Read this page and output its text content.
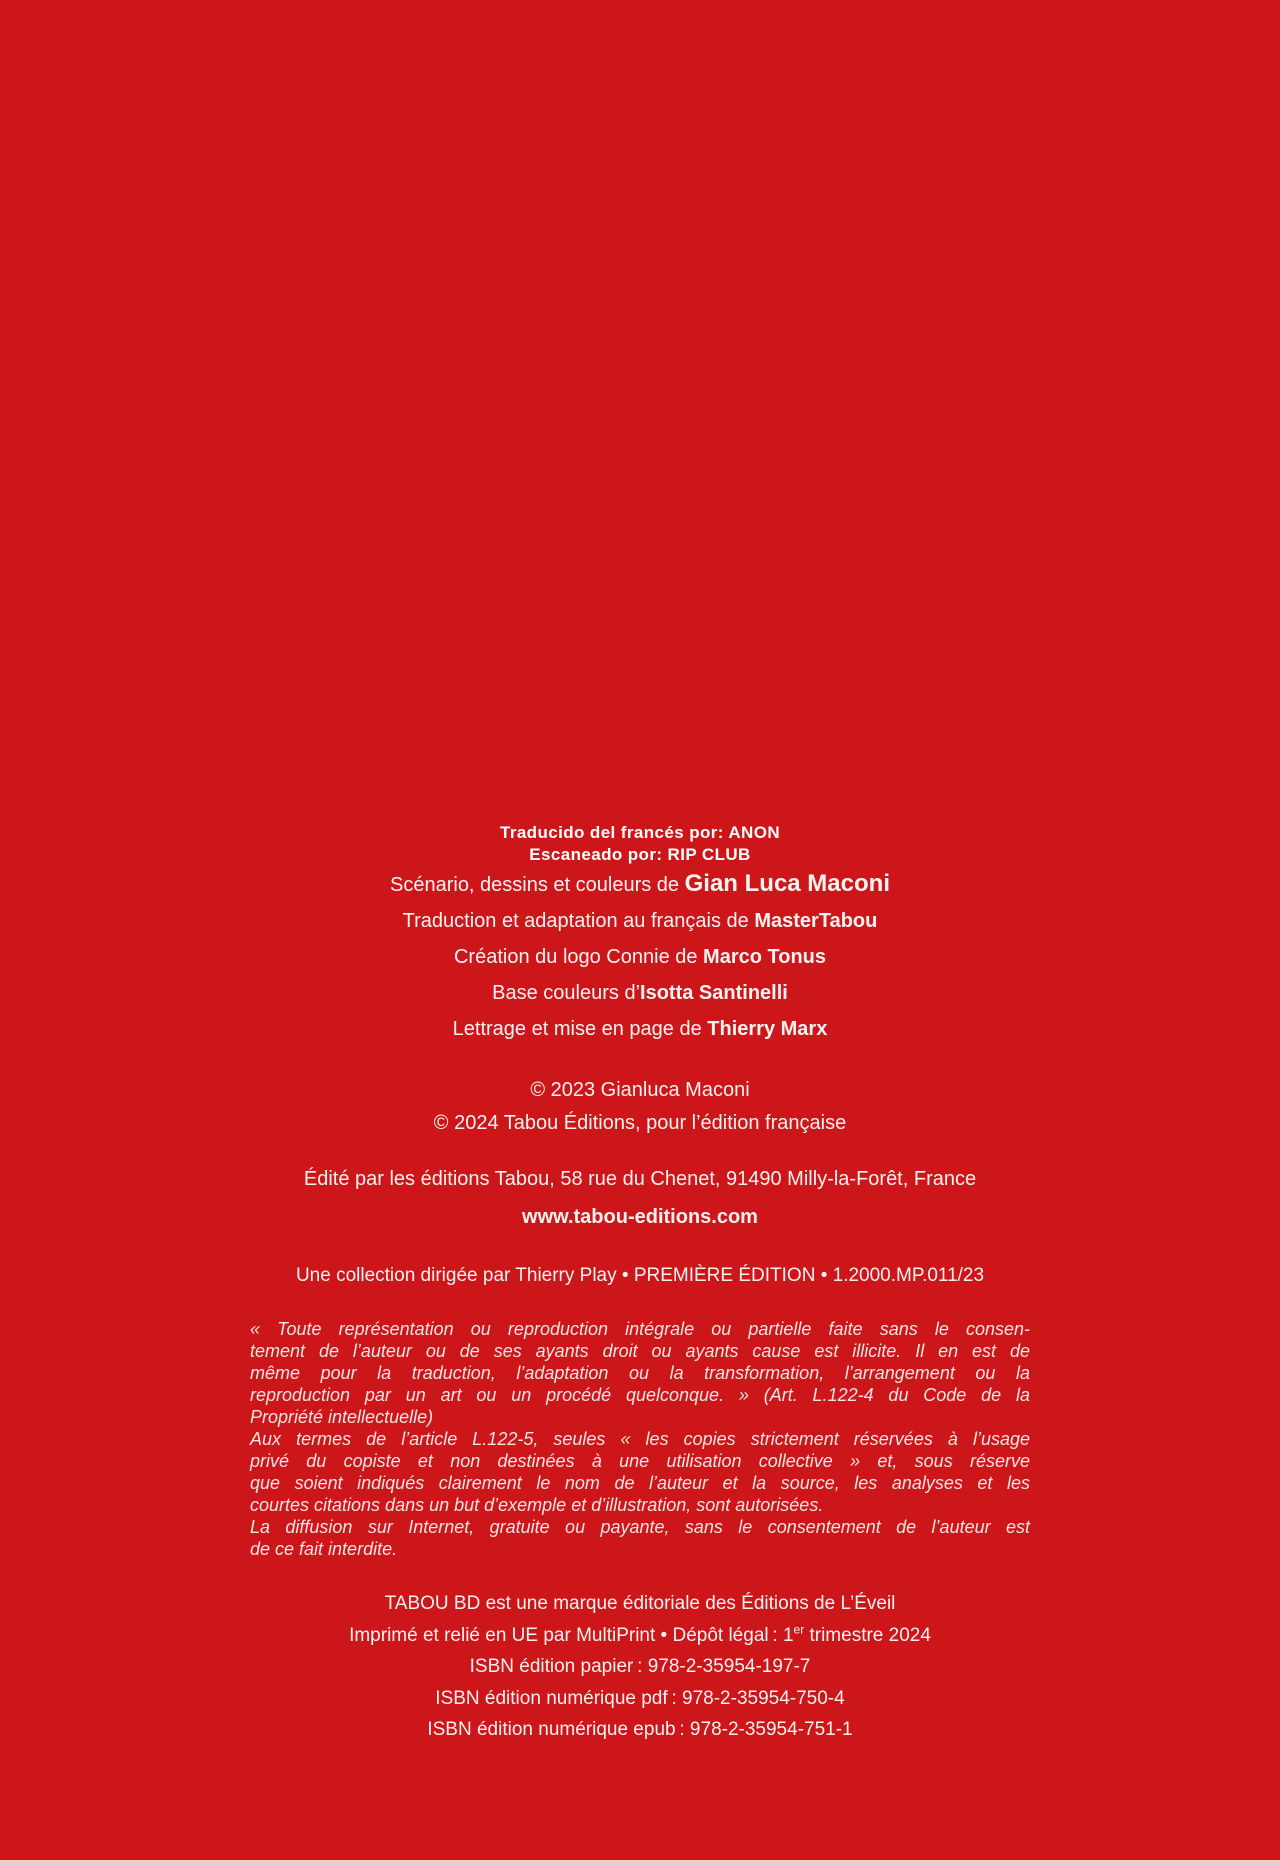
Traducido del francés por: ANON
Escaneado por: RIP CLUB
Scénario, dessins et couleurs de Gian Luca Maconi
Traduction et adaptation au français de MasterTabou
Création du logo Connie de Marco Tonus
Base couleurs d’Isotta Santinelli
Lettrage et mise en page de Thierry Marx
© 2023 Gianluca Maconi
© 2024 Tabou Éditions, pour l’édition française
Édité par les éditions Tabou, 58 rue du Chenet, 91490 Milly-la-Forêt, France
www.tabou-editions.com
Une collection dirigée par Thierry Play • PREMIÈRE ÉDITION • 1.2000.MP.011/23
« Toute représentation ou reproduction intégrale ou partielle faite sans le consen-
tement de l’auteur ou de ses ayants droit ou ayants cause est illicite. Il en est de
même pour la traduction, l’adaptation ou la transformation, l’arrangement ou la
reproduction par un art ou un procédé quelconque. » (Art. L.122-4 du Code de la
Propriété intellectuelle)
Aux termes de l’article L.122-5, seules « les copies strictement réservées à l’usage
privé du copiste et non destinées à une utilisation collective » et, sous réserve
que soient indiqués clairement le nom de l’auteur et la source, les analyses et les
courtes citations dans un but d’exemple et d’illustration, sont autorisées.
La diffusion sur Internet, gratuite ou payante, sans le consentement de l’auteur est
de ce fait interdite.
TABOU BD est une marque éditoriale des Éditions de L’Éveil
Imprimé et relié en UE par MultiPrint • Dépôt légal : 1er trimestre 2024
ISBN édition papier : 978-2-35954-197-7
ISBN édition numérique pdf : 978-2-35954-750-4
ISBN édition numérique epub : 978-2-35954-751-1
